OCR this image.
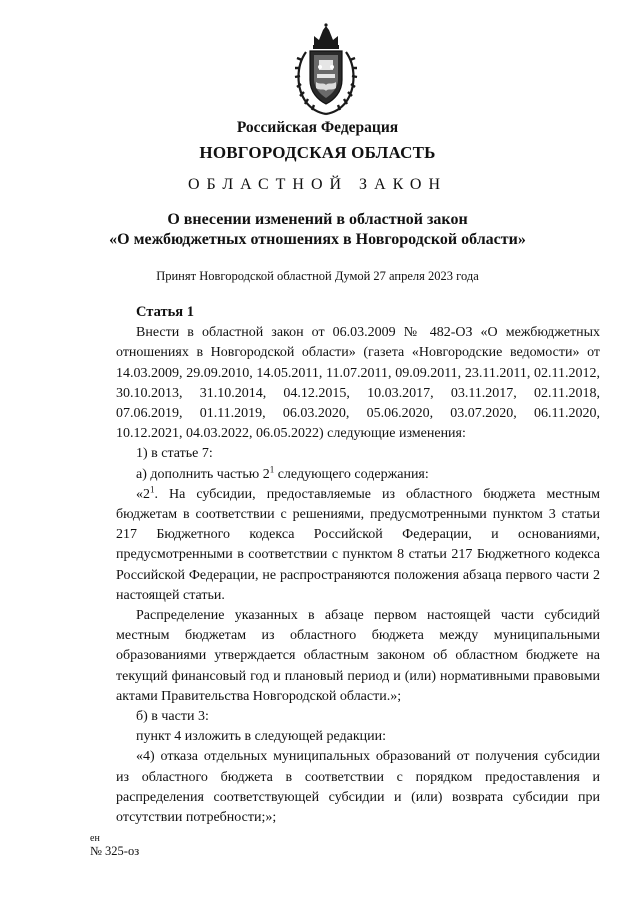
Российская Федерация
НОВГОРОДСКАЯ ОБЛАСТЬ
ОБЛАСТНОЙ ЗАКОН
О внесении изменений в областной закон
«О межбюджетных отношениях в Новгородской области»
Принят Новгородской областной Думой 27 апреля 2023 года
Статья 1

Внести в областной закон от 06.03.2009 № 482-ОЗ «О межбюджетных отношениях в Новгородской области» (газета «Новгородские ведомости» от 14.03.2009, 29.09.2010, 14.05.2011, 11.07.2011, 09.09.2011, 23.11.2011, 02.11.2012, 30.10.2013, 31.10.2014, 04.12.2015, 10.03.2017, 03.11.2017, 02.11.2018, 07.06.2019, 01.11.2019, 06.03.2020, 05.06.2020, 03.07.2020, 06.11.2020, 10.12.2021, 04.03.2022, 06.05.2022) следующие изменения:

1) в статье 7:

а) дополнить частью $2^1$ следующего содержания:

«$2^1$. На субсидии, предоставляемые из областного бюджета местным бюджетам в соответствии с решениями, предусмотренными пунктом 3 статьи 217 Бюджетного кодекса Российской Федерации, и основаниями, предусмотренными в соответствии с пунктом 8 статьи 217 Бюджетного кодекса Российской Федерации, не распространяются положения абзаца первого части 2 настоящей статьи.

Распределение указанных в абзаце первом настоящей части субсидий местным бюджетам из областного бюджета между муниципальными образованиями утверждается областным законом об областном бюджете на текущий финансовый год и плановый период и (или) нормативными правовыми актами Правительства Новгородской области.»;

б) в части 3:

пункт 4 изложить в следующей редакции:

«4) отказа отдельных муниципальных образований от получения субсидии из областного бюджета в соответствии с порядком предоставления и распределения соответствующей субсидии и (или) возврата субсидии при отсутствии потребности;»;

ен
№ 325-оз
